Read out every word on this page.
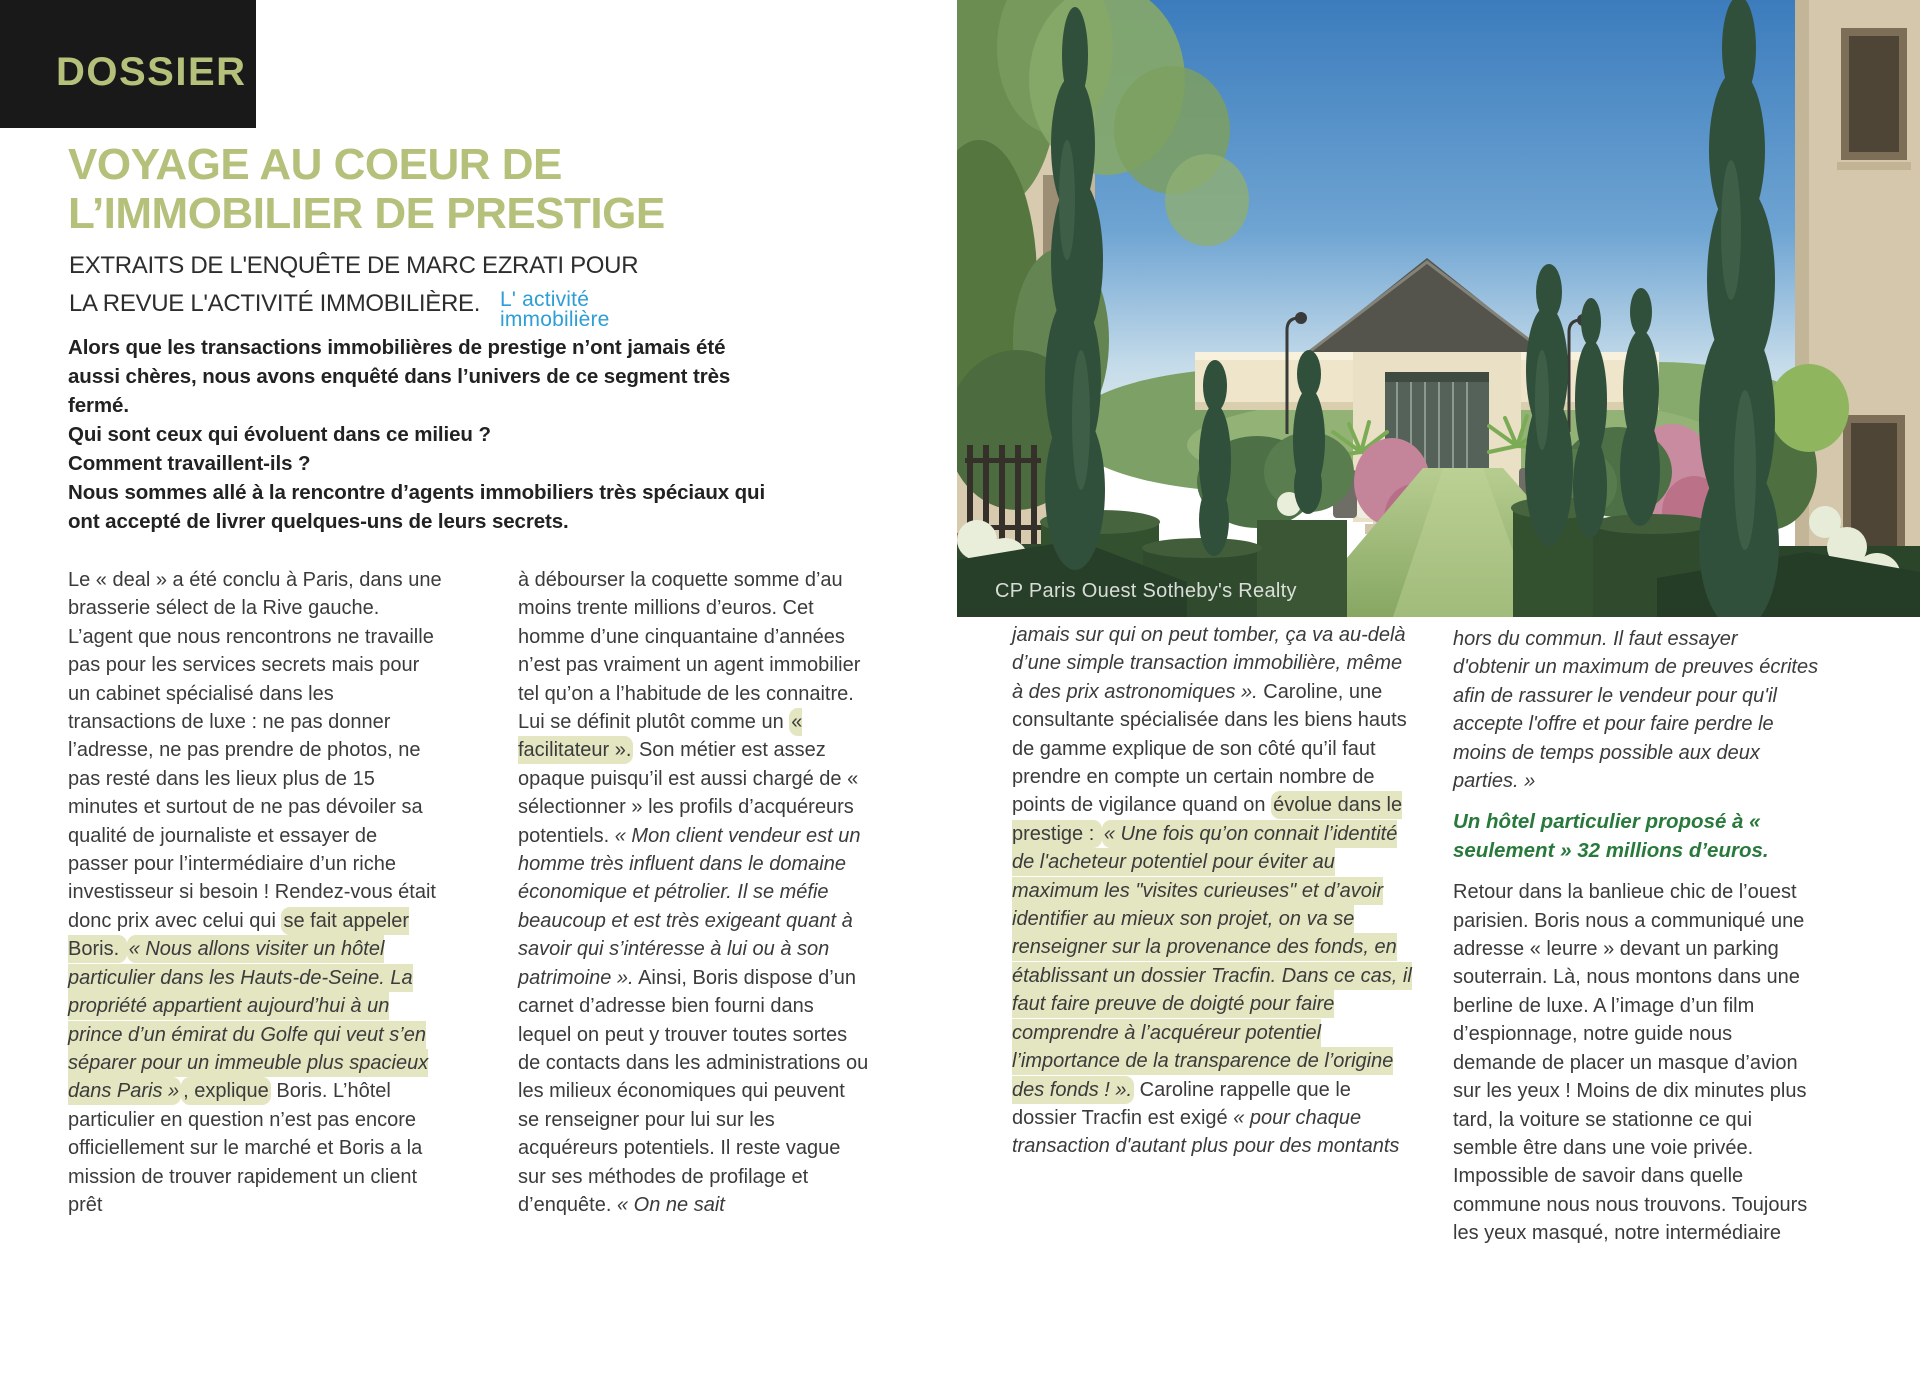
DOSSIER
VOYAGE AU COEUR DE
L’IMMOBILIER DE PRESTIGE
EXTRAITS DE L'ENQUÊTE DE MARC EZRATI POUR
LA REVUE L'ACTIVITÉ IMMOBILIÈRE. L' activité
immobilière
Alors que les transactions immobilières de prestige n’ont jamais été aussi chères, nous avons enquêté dans l’univers de ce segment très fermé.
Qui sont ceux qui évoluent dans ce milieu ?
Comment travaillent-ils ?
Nous sommes allé à la rencontre d’agents immobiliers très spéciaux qui ont accepté de livrer quelques-uns de leurs secrets.
CP Paris Ouest Sotheby's Realty
Le « deal » a été conclu à Paris, dans une brasserie sélect de la Rive gauche. L’agent que nous rencontrons ne travaille pas pour les services secrets mais pour un cabinet spécialisé dans les transactions de luxe : ne pas donner l’adresse, ne pas prendre de photos, ne pas resté dans les lieux plus de 15 minutes et surtout de ne pas dévoiler sa qualité de journaliste et essayer de passer pour l’intermédiaire d’un riche investisseur si besoin ! Rendez-vous était donc prix avec celui qui se fait appeler Boris. « Nous allons visiter un hôtel particulier dans les Hauts-de-Seine. La propriété appartient aujourd’hui à un prince d’un émirat du Golfe qui veut s’en séparer pour un immeuble plus spacieux dans Paris » , explique Boris. L’hôtel particulier en question n’est pas encore officiellement sur le marché et Boris a la mission de trouver rapidement un client prêt
à débourser la coquette somme d’au moins trente millions d’euros. Cet homme d’une cinquantaine d’années n’est pas vraiment un agent immobilier tel qu’on a l’habitude de les connaitre. Lui se définit plutôt comme un « facilitateur ». Son métier est assez opaque puisqu’il est aussi chargé de « sélectionner » les profils d’acquéreurs potentiels. « Mon client vendeur est un homme très influent dans le domaine économique et pétrolier. Il se méfie beaucoup et est très exigeant quant à savoir qui s’intéresse à lui ou à son patrimoine ». Ainsi, Boris dispose d’un carnet d’adresse bien fourni dans lequel on peut y trouver toutes sortes de contacts dans les administrations ou les milieux économiques qui peuvent se renseigner pour lui sur les acquéreurs potentiels. Il reste vague sur ses méthodes de profilage et d’enquête. « On ne sait
jamais sur qui on peut tomber, ça va au-delà d’une simple transaction immobilière, même à des prix astronomiques ». Caroline, une consultante spécialisée dans les biens hauts de gamme explique de son côté qu’il faut prendre en compte un certain nombre de points de vigilance quand on évolue dans le prestige : « Une fois qu’on connait l’identité de l'acheteur potentiel pour éviter au maximum les "visites curieuses" et d’avoir identifier au mieux son projet, on va se renseigner sur la provenance des fonds, en établissant un dossier Tracfin. Dans ce cas, il faut faire preuve de doigté pour faire comprendre à l’acquéreur potentiel l’importance de la transparence de l’origine des fonds ! ». Caroline rappelle que le dossier Tracfin est exigé « pour chaque transaction d'autant plus pour des montants
hors du commun. Il faut essayer d'obtenir un maximum de preuves écrites afin de rassurer le vendeur pour qu'il accepte l'offre et pour faire perdre le moins de temps possible aux deux parties. »
Un hôtel particulier proposé à « seulement » 32 millions d’euros.
Retour dans la banlieue chic de l’ouest parisien. Boris nous a communiqué une adresse « leurre » devant un parking souterrain. Là, nous montons dans une berline de luxe. A l’image d’un film d’espionnage, notre guide nous demande de placer un masque d’avion sur les yeux ! Moins de dix minutes plus tard, la voiture se stationne ce qui semble être dans une voie privée. Impossible de savoir dans quelle commune nous nous trouvons. Toujours les yeux masqué, notre intermédiaire
